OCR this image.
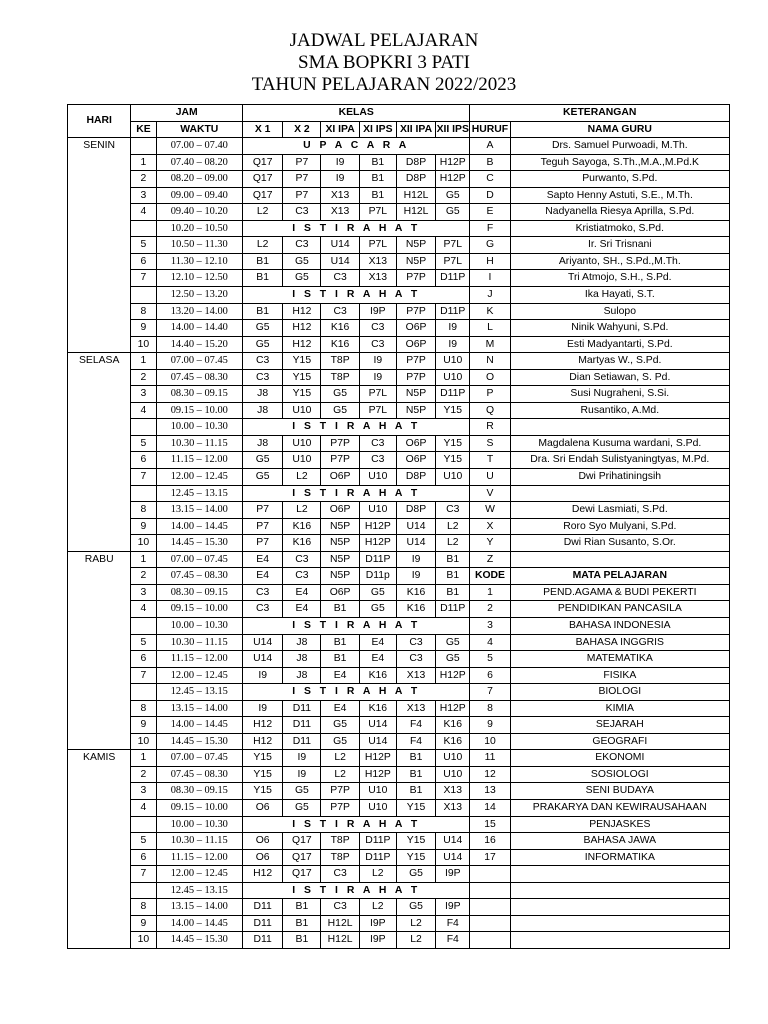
JADWAL PELAJARAN
SMA BOPKRI 3 PATI
TAHUN PELAJARAN 2022/2023
HARI	JAM		KELAS						KETERANGAN	
	KE	WAKTU	X 1	X 2	XI IPA	XI IPS	XII IPA	XII IPS	HURUF	NAMA GURU
SENIN		07.00 – 07.40	U P A C A R A						A	Drs. Samuel Purwoadi, M.Th.
	1	07.40 – 08.20	Q17	P7	I9	B1	D8P	H12P	B	Teguh Sayoga, S.Th.,M.A.,M.Pd.K
	2	08.20 – 09.00	Q17	P7	I9	B1	D8P	H12P	C	Purwanto, S.Pd.
	3	09.00 – 09.40	Q17	P7	X13	B1	H12L	G5	D	Sapto Henny Astuti, S.E., M.Th.
	4	09.40 – 10.20	L2	C3	X13	P7L	H12L	G5	E	Nadyanella Riesya Aprilla, S.Pd.
		10.20 – 10.50	I S T I R A H A T						F	Kristiatmoko, S.Pd.
	5	10.50 – 11.30	L2	C3	U14	P7L	N5P	P7L	G	Ir. Sri Trisnani
	6	11.30 – 12.10	B1	G5	U14	X13	N5P	P7L	H	Ariyanto, SH., S.Pd.,M.Th.
	7	12.10 – 12.50	B1	G5	C3	X13	P7P	D11P	I	Tri Atmojo, S.H., S.Pd.
		12.50 – 13.20	I S T I R A H A T						J	Ika Hayati, S.T.
	8	13.20 – 14.00	B1	H12	C3	I9P	P7P	D11P	K	Sulopo
	9	14.00 – 14.40	G5	H12	K16	C3	O6P	I9	L	Ninik Wahyuni, S.Pd.
	10	14.40 – 15.20	G5	H12	K16	C3	O6P	I9	M	Esti Madyantarti, S.Pd.
SELASA	1	07.00 – 07.45	C3	Y15	T8P	I9	P7P	U10	N	Martyas W., S.Pd.
	2	07.45 – 08.30	C3	Y15	T8P	I9	P7P	U10	O	Dian Setiawan, S. Pd.
	3	08.30 – 09.15	J8	Y15	G5	P7L	N5P	D11P	P	Susi Nugraheni, S.Si.
	4	09.15 – 10.00	J8	U10	G5	P7L	N5P	Y15	Q	Rusantiko, A.Md.
		10.00 – 10.30	I S T I R A H A T						R	
	5	10.30 – 11.15	J8	U10	P7P	C3	O6P	Y15	S	Magdalena Kusuma wardani, S.Pd.
	6	11.15 – 12.00	G5	U10	P7P	C3	O6P	Y15	T	Dra. Sri Endah Sulistyaningtyas, M.Pd.
	7	12.00 – 12.45	G5	L2	O6P	U10	D8P	U10	U	Dwi Prihatiningsih
		12.45 – 13.15	I S T I R A H A T						V	
	8	13.15 – 14.00	P7	L2	O6P	U10	D8P	C3	W	Dewi Lasmiati, S.Pd.
	9	14.00 – 14.45	P7	K16	N5P	H12P	U14	L2	X	Roro Syo Mulyani, S.Pd.
	10	14.45 – 15.30	P7	K16	N5P	H12P	U14	L2	Y	Dwi Rian Susanto, S.Or.
RABU	1	07.00 – 07.45	E4	C3	N5P	D11P	I9	B1	Z	
	2	07.45 – 08.30	E4	C3	N5P	D11p	I9	B1	KODE	MATA PELAJARAN
	3	08.30 – 09.15	C3	E4	O6P	G5	K16	B1	1	PEND.AGAMA & BUDI PEKERTI
	4	09.15 – 10.00	C3	E4	B1	G5	K16	D11P	2	PENDIDIKAN PANCASILA
		10.00 – 10.30	I S T I R A H A T						3	BAHASA INDONESIA
	5	10.30 – 11.15	U14	J8	B1	E4	C3	G5	4	BAHASA INGGRIS
	6	11.15 – 12.00	U14	J8	B1	E4	C3	G5	5	MATEMATIKA
	7	12.00 – 12.45	I9	J8	E4	K16	X13	H12P	6	FISIKA
		12.45 – 13.15	I S T I R A H A T						7	BIOLOGI
	8	13.15 – 14.00	I9	D11	E4	K16	X13	H12P	8	KIMIA
	9	14.00 – 14.45	H12	D11	G5	U14	F4	K16	9	SEJARAH
	10	14.45 – 15.30	H12	D11	G5	U14	F4	K16	10	GEOGRAFI
KAMIS	1	07.00 – 07.45	Y15	I9	L2	H12P	B1	U10	11	EKONOMI
	2	07.45 – 08.30	Y15	I9	L2	H12P	B1	U10	12	SOSIOLOGI
	3	08.30 – 09.15	Y15	G5	P7P	U10	B1	X13	13	SENI BUDAYA
	4	09.15 – 10.00	O6	G5	P7P	U10	Y15	X13	14	PRAKARYA DAN KEWIRAUSAHAAN
		10.00 – 10.30	I S T I R A H A T						15	PENJASKES
	5	10.30 – 11.15	O6	Q17	T8P	D11P	Y15	U14	16	BAHASA JAWA
	6	11.15 – 12.00	O6	Q17	T8P	D11P	Y15	U14	17	INFORMATIKA
	7	12.00 – 12.45	H12	Q17	C3	L2	G5	I9P		
		12.45 – 13.15	I S T I R A H A T							
	8	13.15 – 14.00	D11	B1	C3	L2	G5	I9P		
	9	14.00 – 14.45	D11	B1	H12L	I9P	L2	F4		
	10	14.45 – 15.30	D11	B1	H12L	I9P	L2	F4		
